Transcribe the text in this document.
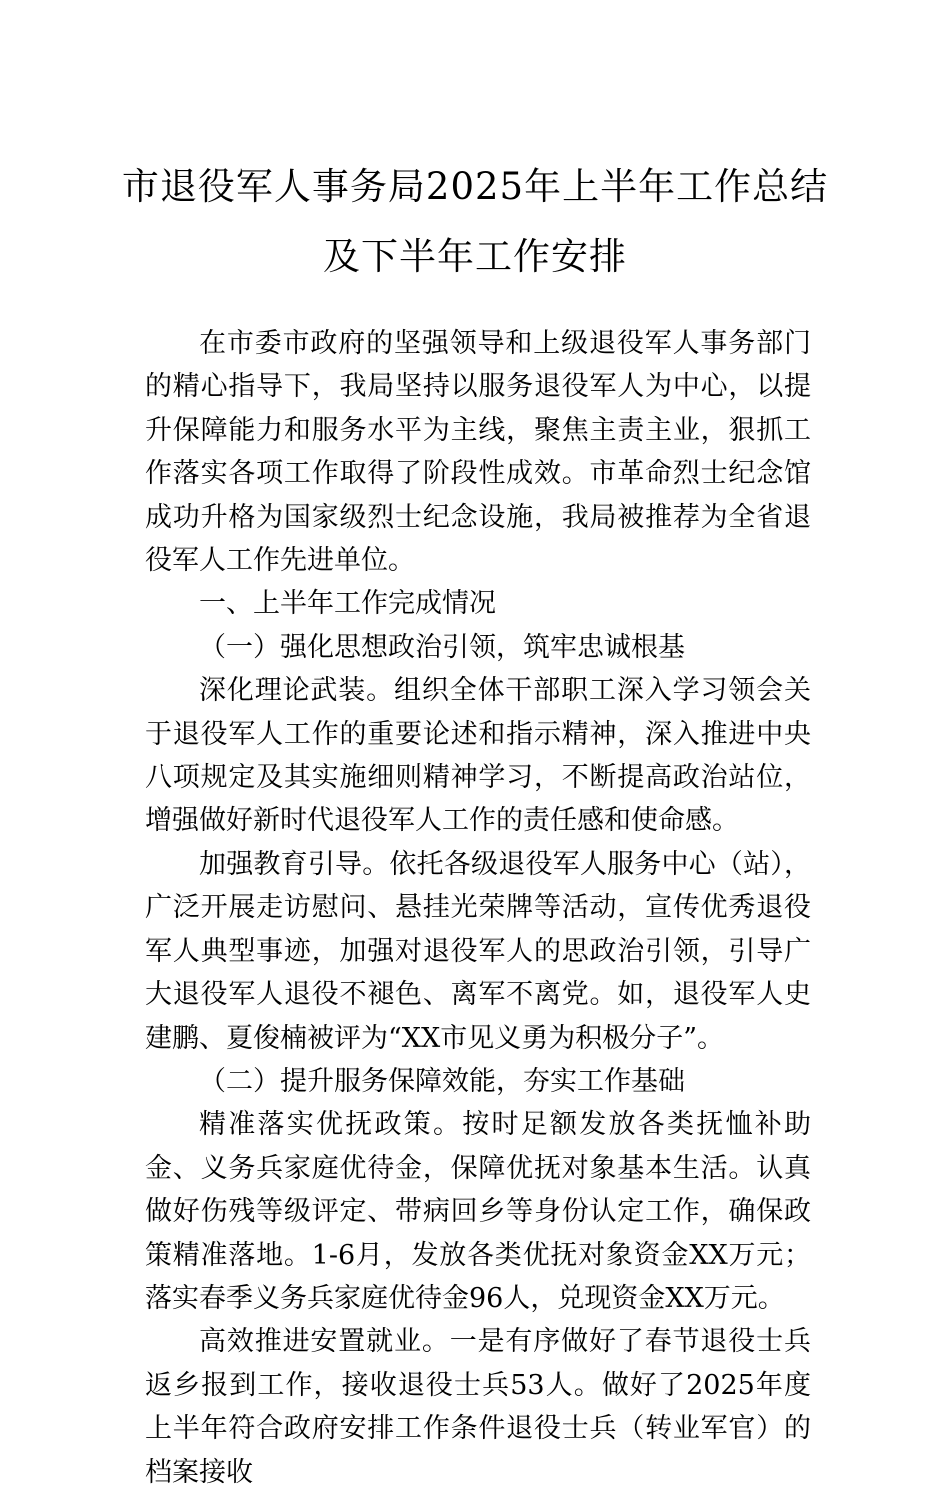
市退役军人事务局2025年上半年工作总结
及下半年工作安排

在市委市政府的坚强领导和上级退役军人事务部门的精心指导下，我局坚持以服务退役军人为中心，以提升保障能力和服务水平为主线，聚焦主责主业，狠抓工作落实各项工作取得了阶段性成效。市革命烈士纪念馆成功升格为国家级烈士纪念设施，我局被推荐为全省退役军人工作先进单位。

一、上半年工作完成情况

（一）强化思想政治引领，筑牢忠诚根基

深化理论武装。组织全体干部职工深入学习领会关于退役军人工作的重要论述和指示精神，深入推进中央八项规定及其实施细则精神学习，不断提高政治站位，增强做好新时代退役军人工作的责任感和使命感。

加强教育引导。依托各级退役军人服务中心（站），广泛开展走访慰问、悬挂光荣牌等活动，宣传优秀退役军人典型事迹，加强对退役军人的思政治引领，引导广大退役军人退役不褪色、离军不离党。如，退役军人史建鹏、夏俊楠被评为“XX市见义勇为积极分子”。

（二）提升服务保障效能，夯实工作基础

精准落实优抚政策。按时足额发放各类抚恤补助金、义务兵家庭优待金，保障优抚对象基本生活。认真做好伤残等级评定、带病回乡等身份认定工作，确保政策精准落地。1-6月，发放各类优抚对象资金XX万元；落实春季义务兵家庭优待金96人，兑现资金XX万元。

高效推进安置就业。一是有序做好了春节退役士兵返乡报到工作，接收退役士兵53人。做好了2025年度上半年符合政府安排工作条件退役士兵（转业军官）的档案接收
